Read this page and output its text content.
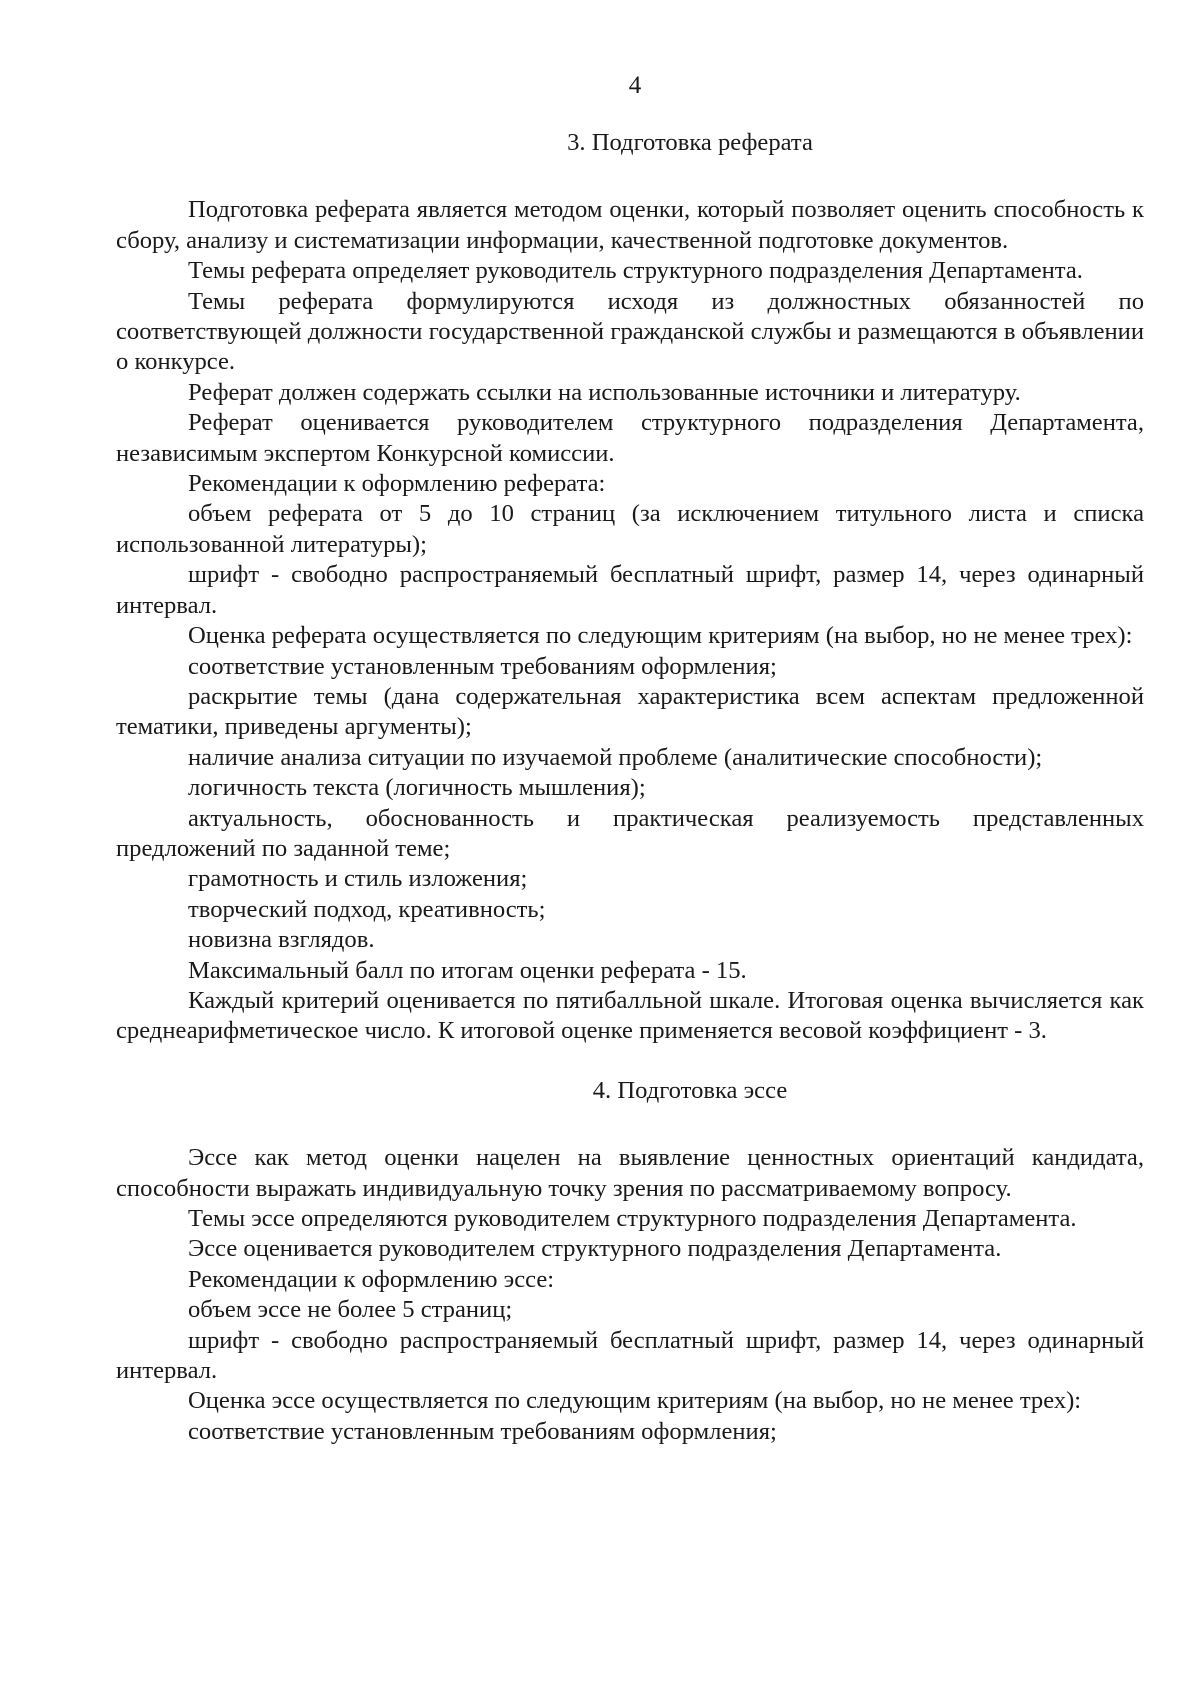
4
3. Подготовка реферата

Подготовка реферата является методом оценки, который позволяет оценить способность к сбору, анализу и систематизации информации, качественной подготовке документов.

Темы реферата определяет руководитель структурного подразделения Департамента.

Темы реферата формулируются исходя из должностных обязанностей по соответствующей должности государственной гражданской службы и размещаются в объявлении о конкурсе.

Реферат должен содержать ссылки на использованные источники и литературу.

Реферат оценивается руководителем структурного подразделения Департамента, независимым экспертом Конкурсной комиссии.

Рекомендации к оформлению реферата:

объем реферата от 5 до 10 страниц (за исключением титульного листа и списка использованной литературы);

шрифт - свободно распространяемый бесплатный шрифт, размер 14, через одинарный интервал.

Оценка реферата осуществляется по следующим критериям (на выбор, но не менее трех):

соответствие установленным требованиям оформления;

раскрытие темы (дана содержательная характеристика всем аспектам предложенной тематики, приведены аргументы);

наличие анализа ситуации по изучаемой проблеме (аналитические способности);

логичность текста (логичность мышления);

актуальность, обоснованность и практическая реализуемость представленных предложений по заданной теме;

грамотность и стиль изложения;

творческий подход, креативность;

новизна взглядов.

Максимальный балл по итогам оценки реферата - 15.

Каждый критерий оценивается по пятибалльной шкале. Итоговая оценка вычисляется как среднеарифметическое число. К итоговой оценке применяется весовой коэффициент - 3.

4. Подготовка эссе

Эссе как метод оценки нацелен на выявление ценностных ориентаций кандидата, способности выражать индивидуальную точку зрения по рассматриваемому вопросу.

Темы эссе определяются руководителем структурного подразделения Департамента.

Эссе оценивается руководителем структурного подразделения Департамента.

Рекомендации к оформлению эссе:

объем эссе не более 5 страниц;

шрифт - свободно распространяемый бесплатный шрифт, размер 14, через одинарный интервал.

Оценка эссе осуществляется по следующим критериям (на выбор, но не менее трех):

соответствие установленным требованиям оформления;
